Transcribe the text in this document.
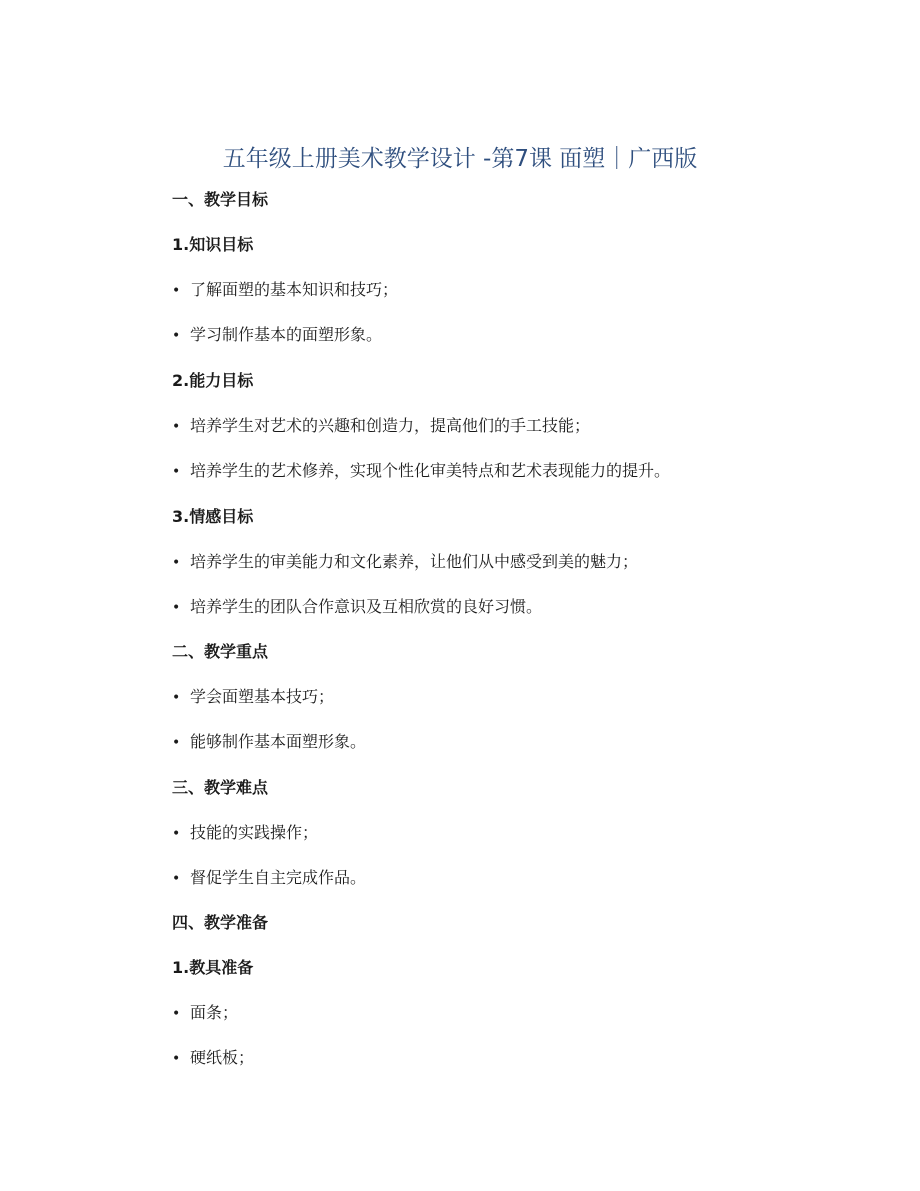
五年级上册美术教学设计 -第7课 面塑｜广西版
一、教学目标
1.知识目标
• 了解面塑的基本知识和技巧；
• 学习制作基本的面塑形象。
2.能力目标
• 培养学生对艺术的兴趣和创造力，提高他们的手工技能；
• 培养学生的艺术修养，实现个性化审美特点和艺术表现能力的提升。
3.情感目标
• 培养学生的审美能力和文化素养，让他们从中感受到美的魅力；
• 培养学生的团队合作意识及互相欣赏的良好习惯。
二、教学重点
• 学会面塑基本技巧；
• 能够制作基本面塑形象。
三、教学难点
• 技能的实践操作；
• 督促学生自主完成作品。
四、教学准备
1.教具准备
• 面条；
• 硬纸板；
